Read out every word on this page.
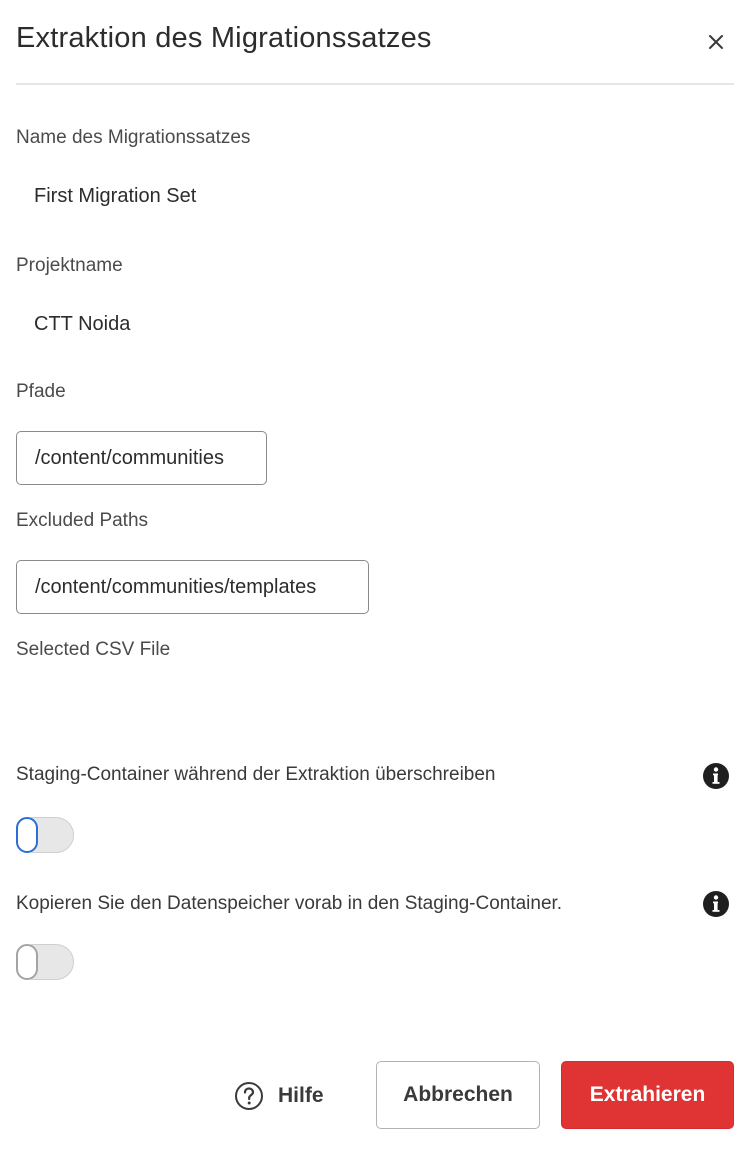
Extraktion des Migrationssatzes
Name des Migrationssatzes
First Migration Set
Projektname
CTT Noida
Pfade
/content/communities
Excluded Paths
/content/communities/templates
Selected CSV File
Staging-Container während der Extraktion überschreiben
Kopieren Sie den Datenspeicher vorab in den Staging-Container.
Hilfe	Abbrechen	Extrahieren
